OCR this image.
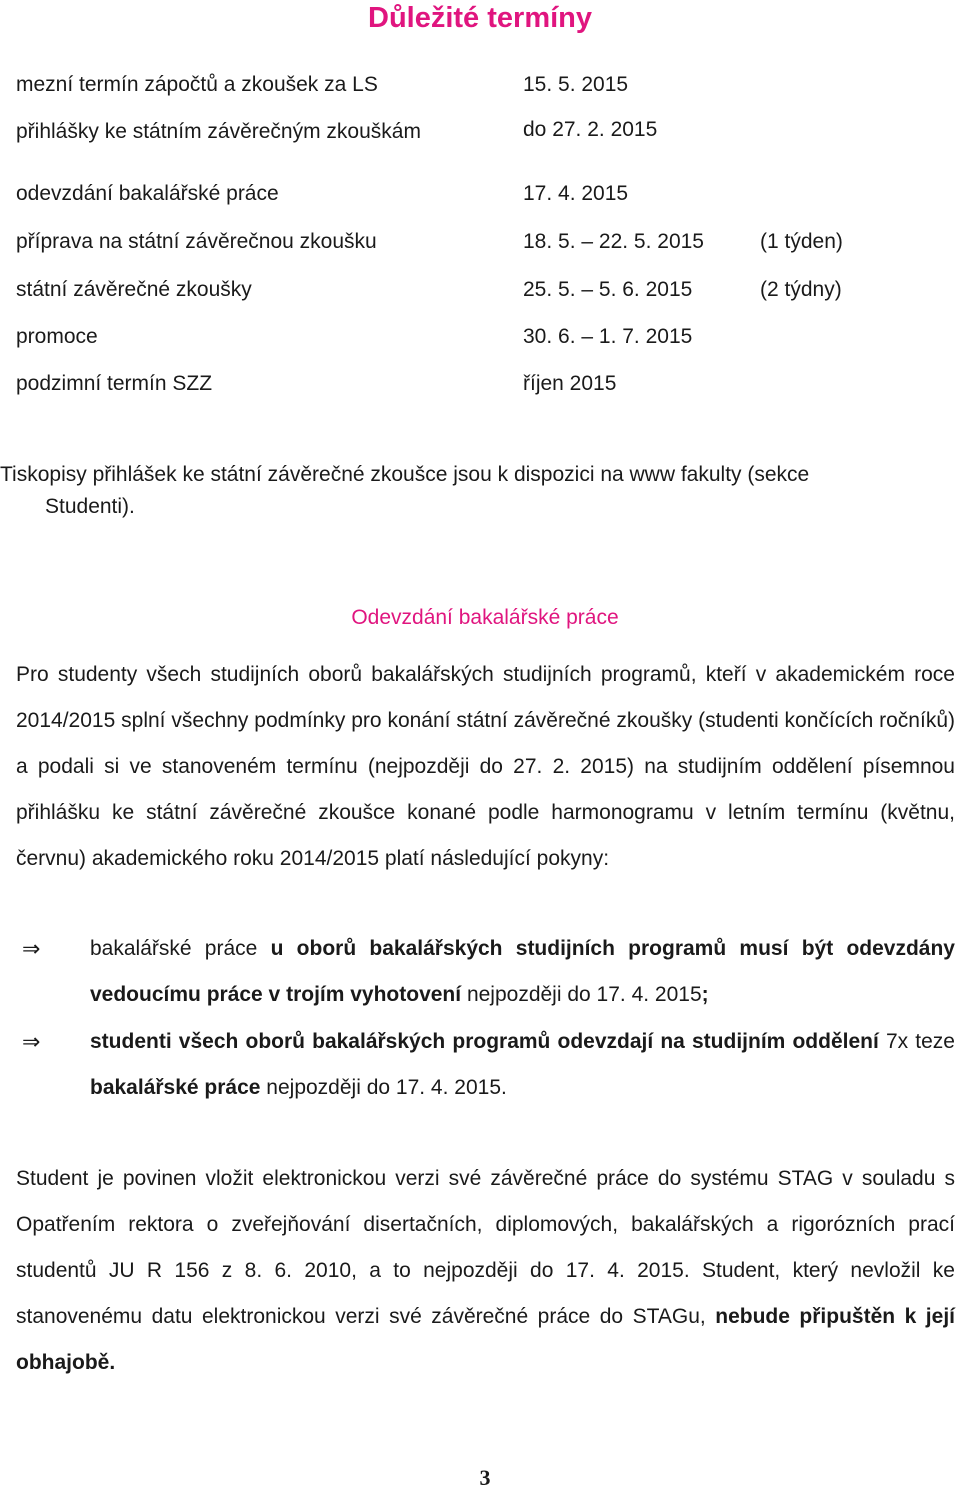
Důležité termíny
mezní termín zápočtů a zkoušek za LS	15. 5. 2015
přihlášky ke státním závěrečným zkouškám	do 27. 2. 2015
odevzdání bakalářské práce	17. 4. 2015
příprava na státní závěrečnou zkoušku	18. 5. – 22. 5. 2015	(1 týden)
státní závěrečné zkoušky	25. 5. – 5. 6. 2015	(2 týdny)
promoce	30. 6. – 1. 7. 2015
podzimní termín SZZ	říjen 2015
Tiskopisy přihlášek ke státní závěrečné zkoušce jsou k dispozici na www fakulty (sekce
Studenti).
Odevzdání bakalářské práce
Pro studenty všech studijních oborů bakalářských studijních programů, kteří v akademickém roce 2014/2015 splní všechny podmínky pro konání státní závěrečné zkoušky (studenti končících ročníků) a podali si ve stanoveném termínu (nejpozději do 27. 2. 2015) na studijním oddělení písemnou přihlášku ke státní závěrečné zkoušce konané podle harmonogramu v letním termínu (květnu, červnu) akademického roku 2014/2015 platí následující pokyny:
⇒ bakalářské práce u oborů bakalářských studijních programů musí být odevzdány vedoucímu práce v trojím vyhotovení nejpozději do 17. 4. 2015;
⇒ studenti všech oborů bakalářských programů odevzdají na studijním oddělení 7x teze bakalářské práce nejpozději do 17. 4. 2015.
Student je povinen vložit elektronickou verzi své závěrečné práce do systému STAG v souladu s Opatřením rektora o zveřejňování disertačních, diplomových, bakalářských a rigorózních prací studentů JU R 156 z 8. 6. 2010, a to nejpozději do 17. 4. 2015. Student, který nevložil ke stanovenému datu elektronickou verzi své závěrečné práce do STAGu, nebude připuštěn k její obhajobě.
3
